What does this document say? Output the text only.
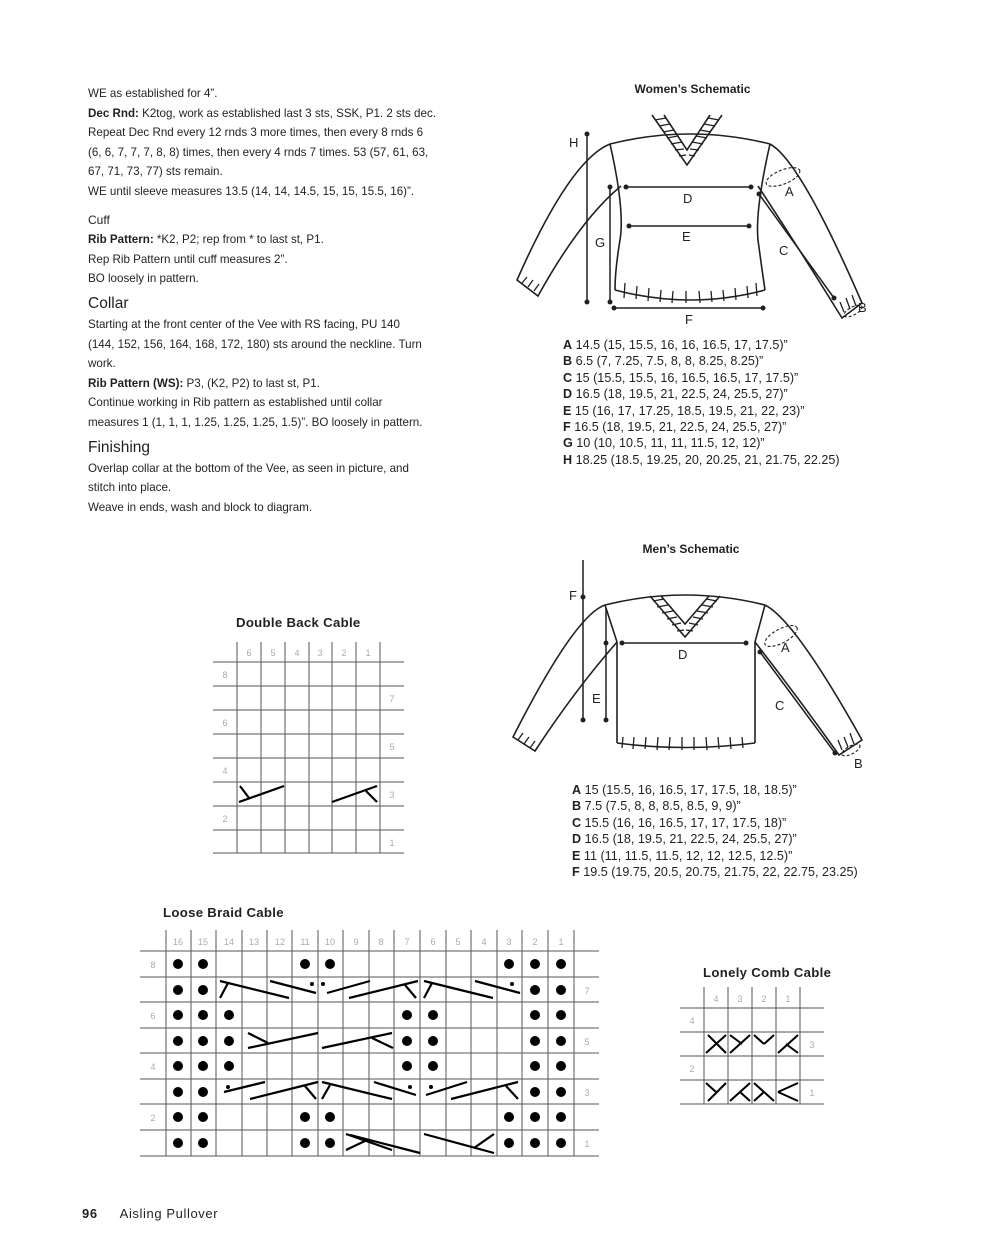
WE as established for 4”.

Dec Rnd: K2tog, work as established last 3 sts, SSK, P1. 2 sts dec.

Repeat Dec Rnd every 12 rnds 3 more times, then every 8 rnds 6

(6, 6, 7, 7, 7, 8, 8) times, then every 4 rnds 7 times. 53 (57, 61, 63,

67, 71, 73, 77) sts remain.

WE until sleeve measures 13.5 (14, 14, 14.5, 15, 15, 15.5, 16)”.

Cuff

Rib Pattern: *K2, P2; rep from * to last st, P1.

Rep Rib Pattern until cuff measures 2”.

BO loosely in pattern.

Collar

Starting at the front center of the Vee with RS facing, PU 140

(144, 152, 156, 164, 168, 172, 180) sts around the neckline. Turn

work.

Rib Pattern (WS): P3, (K2, P2) to last st, P1.

Continue working in Rib pattern as established until collar

measures 1 (1, 1, 1, 1.25, 1.25, 1.25, 1.5)”. BO loosely in pattern.

Finishing

Overlap collar at the bottom of the Vee, as seen in picture, and

stitch into place.

Weave in ends, wash and block to diagram.

Women’s Schematic
H
G
D
E
F
A
C
B
A 14.5 (15, 15.5, 16, 16, 16.5, 17, 17.5)”
B 6.5 (7, 7.25, 7.5, 8, 8, 8.25, 8.25)”
C 15 (15.5, 15.5, 16, 16.5, 16.5, 17, 17.5)”
D 16.5 (18, 19.5, 21, 22.5, 24, 25.5, 27)”
E 15 (16, 17, 17.25, 18.5, 19.5, 21, 22, 23)”
F 16.5 (18, 19.5, 21, 22.5, 24, 25.5, 27)”
G 10 (10, 10.5, 11, 11, 11.5, 12, 12)”
H 18.25 (18.5, 19.25, 20, 20.25, 21, 21.75, 22.25)
Men’s Schematic
F
E
D	A
C
B
A 15 (15.5, 16, 16.5, 17, 17.5, 18, 18.5)”
B 7.5 (7.5, 8, 8, 8.5, 8.5, 9, 9)”
C 15.5 (16, 16, 16.5, 17, 17, 17.5, 18)”
D 16.5 (18, 19.5, 21, 22.5, 24, 25.5, 27)”
E 11 (11, 11.5, 11.5, 12, 12, 12.5, 12.5)”
F 19.5 (19.75, 20.5, 20.75, 21.75, 22, 22.75, 23.25)
Double Back Cable
6 5 4 3 2 1
8
6
4
2
7
5
3
1
Loose Braid Cable
16 15 14 13 12 11 10 9 8 7 6 5 4 3 2 1
8
6
4
2
7
5
3
1
Lonely Comb Cable
4 3 2 1
4
2
3
1
96 Aisling Pullover
